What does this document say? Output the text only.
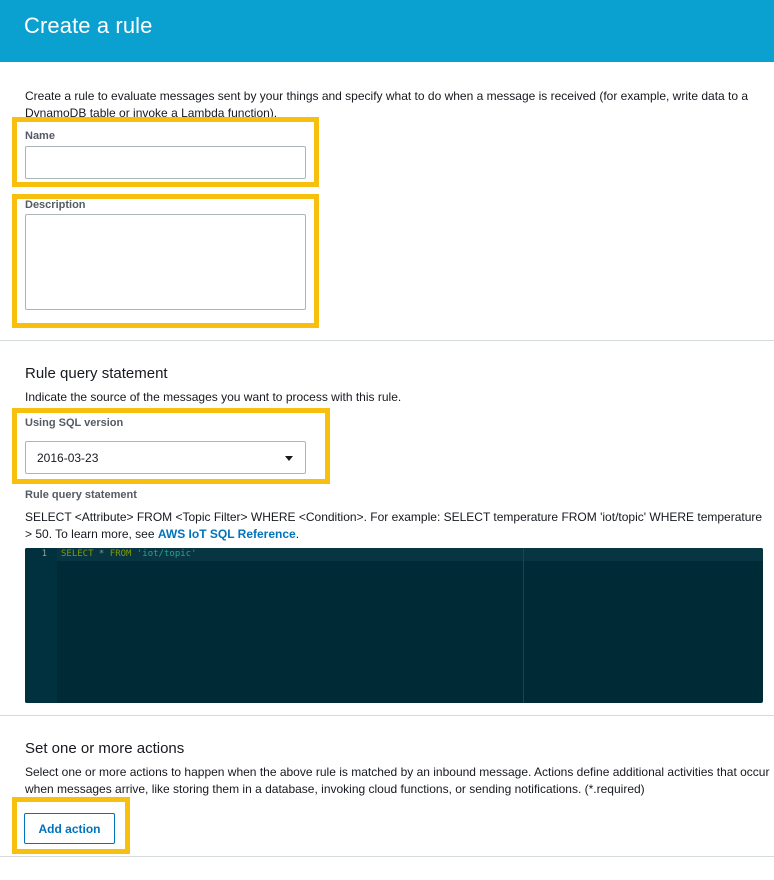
Create a rule

Create a rule to evaluate messages sent by your things and specify what to do when a message is received (for example, write data to a DynamoDB table or invoke a Lambda function).

Name
Description
Rule query statement

Indicate the source of the messages you want to process with this rule.

Using SQL version
2016-03-23
Rule query statement

SELECT <Attribute> FROM <Topic Filter> WHERE <Condition>. For example: SELECT temperature FROM 'iot/topic' WHERE temperature > 50. To learn more, see AWS IoT SQL Reference.

1 SELECT * FROM 'iot/topic'
Set one or more actions

Select one or more actions to happen when the above rule is matched by an inbound message. Actions define additional activities that occur when messages arrive, like storing them in a database, invoking cloud functions, or sending notifications. (*.required)

Add action
